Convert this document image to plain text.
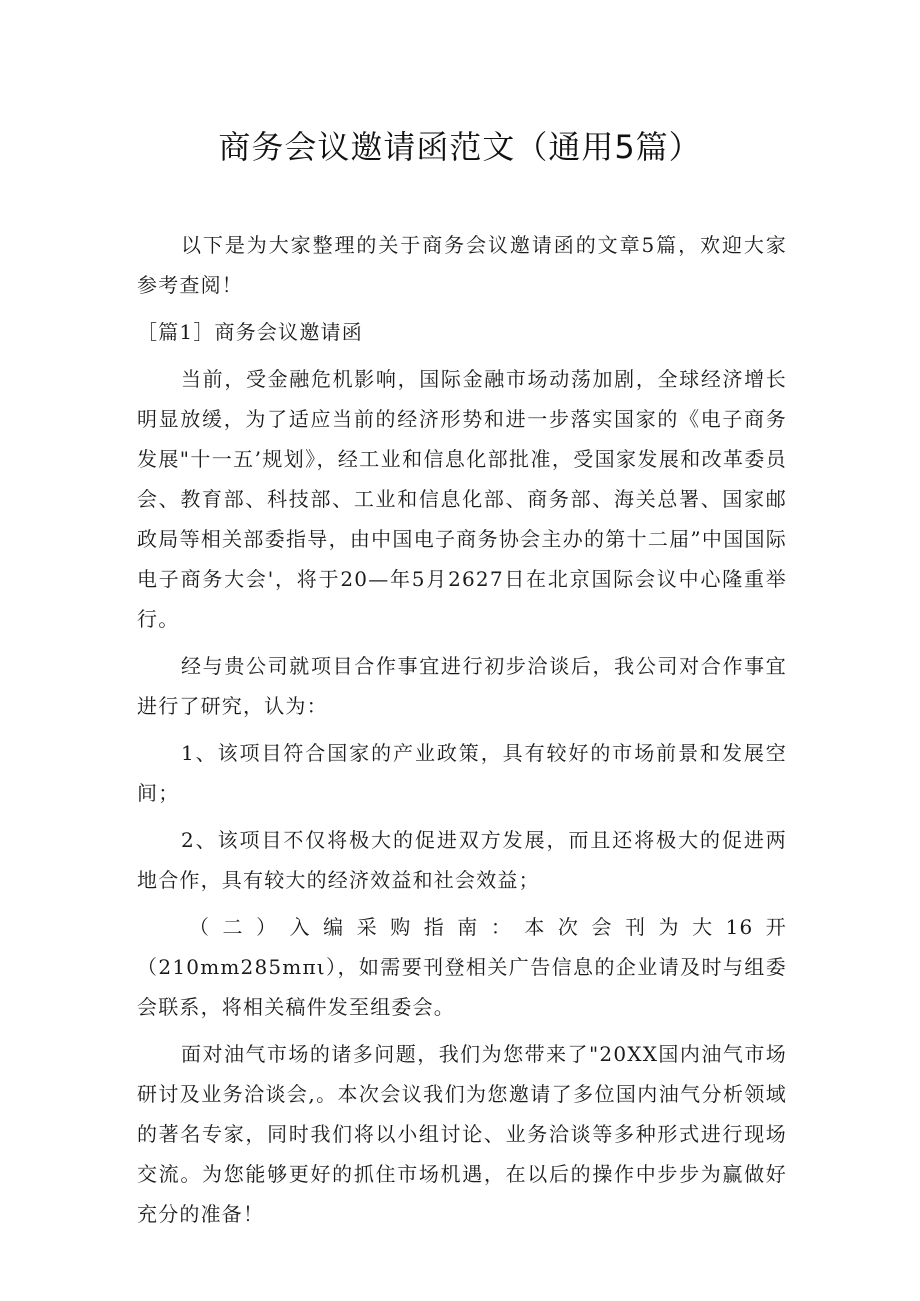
商务会议邀请函范文（通用5篇）

以下是为大家整理的关于商务会议邀请函的文章5篇，欢迎大家参考查阅！

［篇1］商务会议邀请函

当前，受金融危机影响，国际金融市场动荡加剧，全球经济增长明显放缓，为了适应当前的经济形势和进一步落实国家的《电子商务发展"十一五’规划》，经工业和信息化部批准，受国家发展和改革委员会、教育部、科技部、工业和信息化部、商务部、海关总署、国家邮政局等相关部委指导，由中国电子商务协会主办的第十二届”中国国际电子商务大会'，将于20—年5月2627日在北京国际会议中心隆重举行。

经与贵公司就项目合作事宜进行初步洽谈后，我公司对合作事宜进行了研究，认为：

1、该项目符合国家的产业政策，具有较好的市场前景和发展空间；

2、该项目不仅将极大的促进双方发展，而且还将极大的促进两地合作，具有较大的经济效益和社会效益；

（二）入编采购指南：本次会刊为大16开（210mm285mπι），如需要刊登相关广告信息的企业请及时与组委会联系，将相关稿件发至组委会。

面对油气市场的诸多问题，我们为您带来了"20XX国内油气市场研讨及业务洽谈会,。本次会议我们为您邀请了多位国内油气分析领域的著名专家，同时我们将以小组讨论、业务洽谈等多种形式进行现场交流。为您能够更好的抓住市场机遇，在以后的操作中步步为赢做好充分的准备！
